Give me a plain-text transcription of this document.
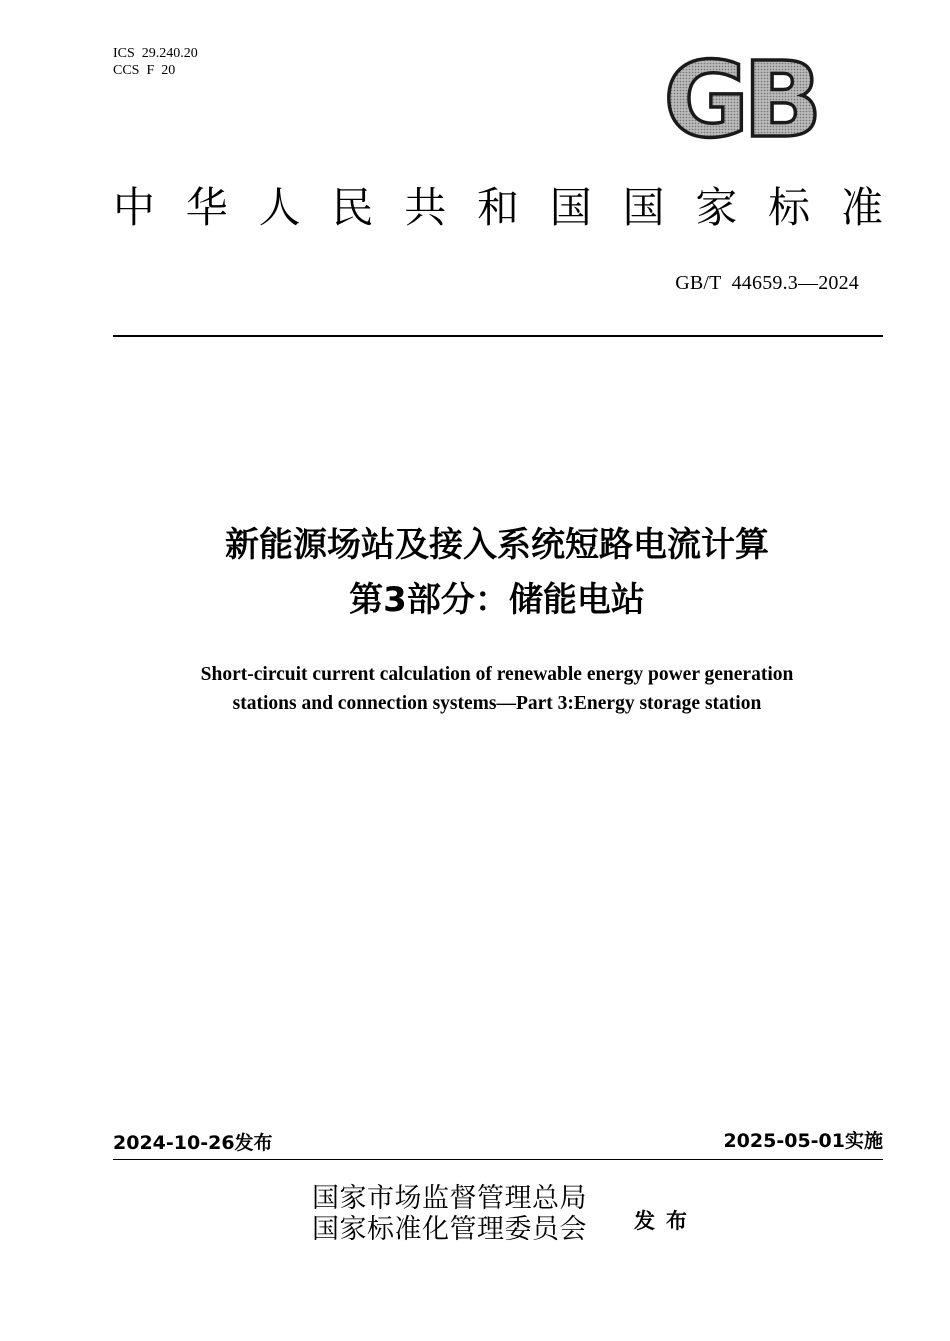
ICS  29.240.20
CCS  F  20	GB
中 华 人 民 共 和 国 国 家 标 准
GB/T  44659.3—2024
新能源场站及接入系统短路电流计算
第3部分：储能电站
Short-circuit current calculation of renewable energy power generation
stations and connection systems—Part 3:Energy storage station
2024-10-26发布	2025-05-01实施
国家市场监督管理总局
国家标准化管理委员会 发布
